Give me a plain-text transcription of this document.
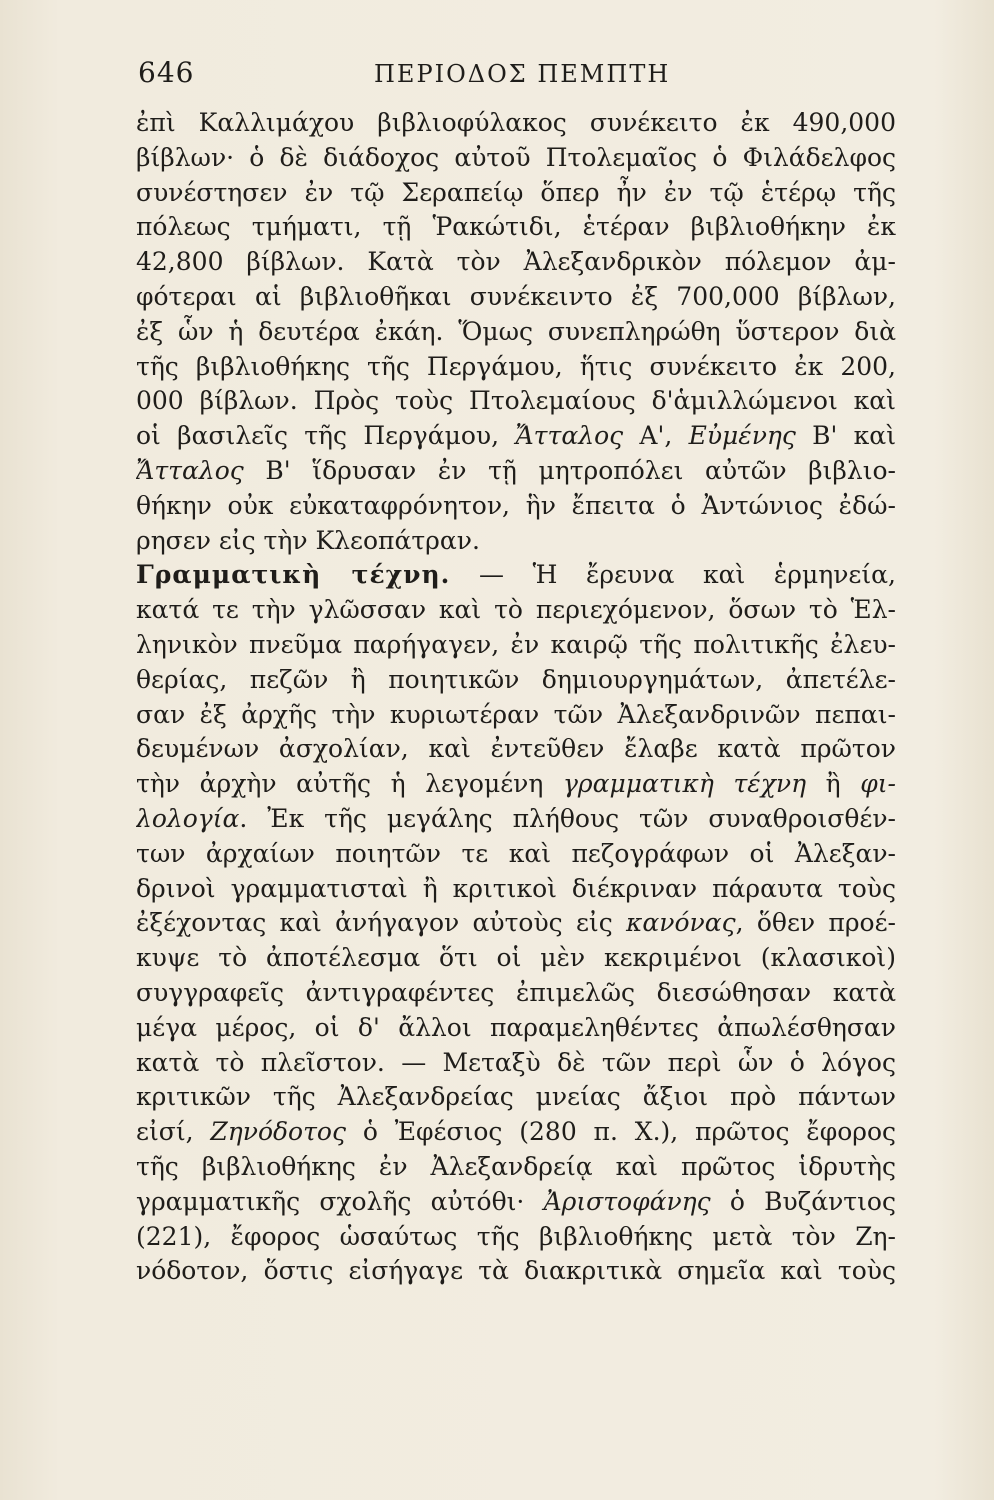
646	ΠΕΡΙΟΔΟΣ ΠΕΜΠΤΗ
ἐπὶ Καλλιμάχου βιβλιοφύλακος συνέκειτο ἐκ 490,000
βίβλων· ὁ δὲ διάδοχος αὐτοῦ Πτολεμαῖος ὁ Φιλάδελφος
συνέστησεν ἐν τῷ Σεραπείῳ ὅπερ ἦν ἐν τῷ ἑτέρῳ τῆς
πόλεως τμήματι, τῇ Ῥακώτιδι, ἑτέραν βιβλιοθήκην ἐκ
42,800 βίβλων. Κατὰ τὸν Ἀλεξανδρικὸν πόλεμον ἀμ-
φότεραι αἱ βιβλιοθῆκαι συνέκειντο ἐξ 700,000 βίβλων,
ἐξ ὧν ἡ δευτέρα ἐκάη. Ὅμως συνεπληρώθη ὕστερον διὰ
τῆς βιβλιοθήκης τῆς Περγάμου, ἥτις συνέκειτο ἐκ 200,
000 βίβλων. Πρὸς τοὺς Πτολεμαίους δ'ἁμιλλώμενοι καὶ
οἱ βασιλεῖς τῆς Περγάμου, Ἄτταλος Α', Εὐμένης Β' καὶ
Ἄτταλος Β' ἵδρυσαν ἐν τῇ μητροπόλει αὐτῶν βιβλιο-
θήκην οὐκ εὐκαταφρόνητον, ἣν ἔπειτα ὁ Ἀντώνιος ἐδώ-
ρησεν εἰς τὴν Κλεοπάτραν.
Γραμματικὴ τέχνη. — Ἡ ἔρευνα καὶ ἑρμηνεία,
κατά τε τὴν γλῶσσαν καὶ τὸ περιεχόμενον, ὅσων τὸ Ἑλ-
ληνικὸν πνεῦμα παρήγαγεν, ἐν καιρῷ τῆς πολιτικῆς ἐλευ-
θερίας, πεζῶν ἢ ποιητικῶν δημιουργημάτων, ἀπετέλε-
σαν ἐξ ἀρχῆς τὴν κυριωτέραν τῶν Ἀλεξανδρινῶν πεπαι-
δευμένων ἀσχολίαν, καὶ ἐντεῦθεν ἔλαβε κατὰ πρῶτον
τὴν ἀρχὴν αὐτῆς ἡ λεγομένη γραμματικὴ τέχνη ἢ φι-
λολογία. Ἐκ τῆς μεγάλης πλήθους τῶν συναθροισθέν-
των ἀρχαίων ποιητῶν τε καὶ πεζογράφων οἱ Ἀλεξαν-
δρινοὶ γραμματισταὶ ἢ κριτικοὶ διέκριναν πάραυτα τοὺς
ἐξέχοντας καὶ ἀνήγαγον αὐτοὺς εἰς κανόνας, ὅθεν προέ-
κυψε τὸ ἀποτέλεσμα ὅτι οἱ μὲν κεκριμένοι (κλασικοὶ)
συγγραφεῖς ἀντιγραφέντες ἐπιμελῶς διεσώθησαν κατὰ
μέγα μέρος, οἱ δ' ἄλλοι παραμεληθέντες ἀπωλέσθησαν
κατὰ τὸ πλεῖστον. — Μεταξὺ δὲ τῶν περὶ ὧν ὁ λόγος
κριτικῶν τῆς Ἀλεξανδρείας μνείας ἄξιοι πρὸ πάντων
εἰσί, Ζηνόδοτος ὁ Ἐφέσιος (280 π. Χ.), πρῶτος ἔφορος
τῆς βιβλιοθήκης ἐν Ἀλεξανδρείᾳ καὶ πρῶτος ἱδρυτὴς
γραμματικῆς σχολῆς αὐτόθι· Ἀριστοφάνης ὁ Βυζάντιος
(221), ἔφορος ὡσαύτως τῆς βιβλιοθήκης μετὰ τὸν Ζη-
νόδοτον, ὅστις εἰσήγαγε τὰ διακριτικὰ σημεῖα καὶ τοὺς
